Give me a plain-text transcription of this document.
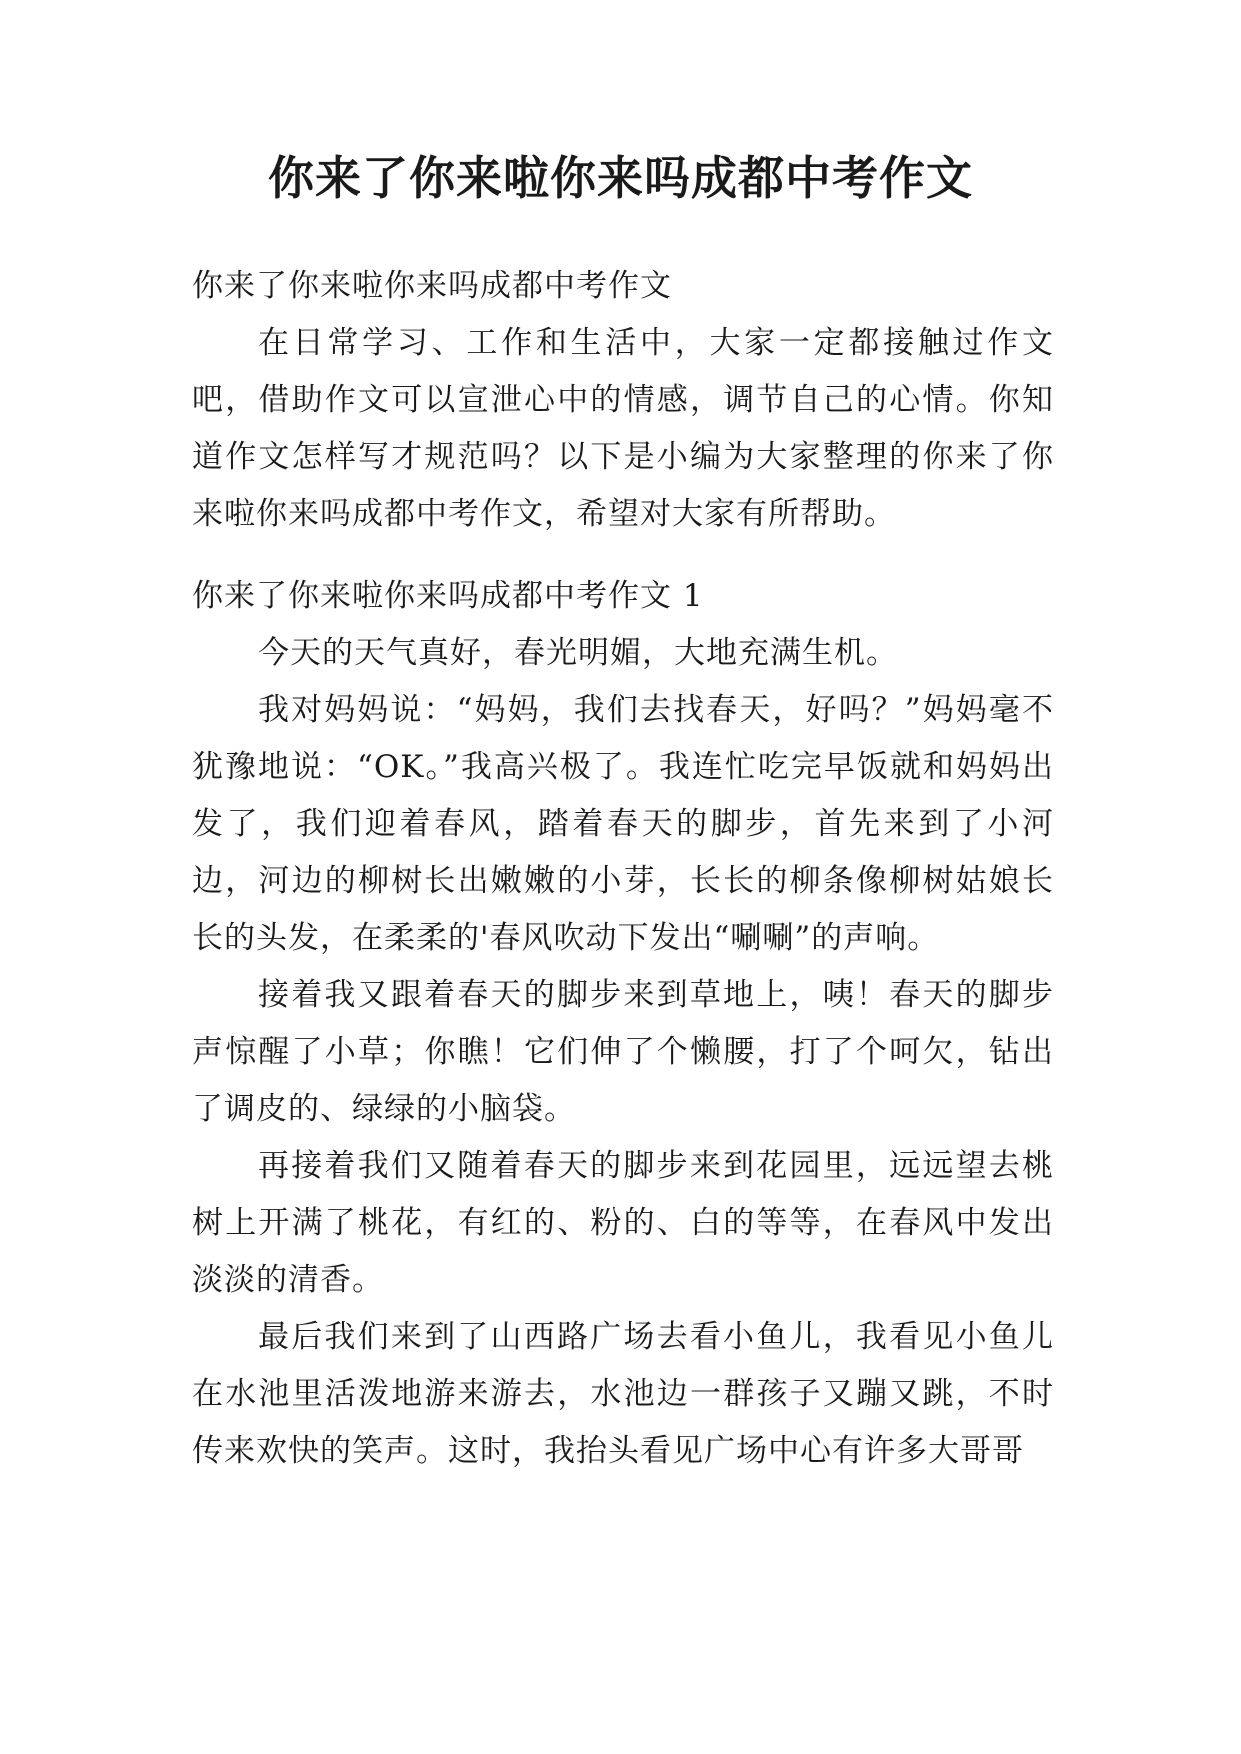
你来了你来啦你来吗成都中考作文

你来了你来啦你来吗成都中考作文

在日常学习、工作和生活中，大家一定都接触过作文吧，借助作文可以宣泄心中的情感，调节自己的心情。你知道作文怎样写才规范吗？以下是小编为大家整理的你来了你来啦你来吗成都中考作文，希望对大家有所帮助。

你来了你来啦你来吗成都中考作文 1

今天的天气真好，春光明媚，大地充满生机。

我对妈妈说：“妈妈，我们去找春天，好吗？”妈妈毫不犹豫地说：“OK。”我高兴极了。我连忙吃完早饭就和妈妈出发了，我们迎着春风，踏着春天的脚步，首先来到了小河边，河边的柳树长出嫩嫩的小芽，长长的柳条像柳树姑娘长长的头发，在柔柔的'春风吹动下发出“唰唰”的声响。

接着我又跟着春天的脚步来到草地上，咦！春天的脚步声惊醒了小草；你瞧！它们伸了个懒腰，打了个呵欠，钻出了调皮的、绿绿的小脑袋。

再接着我们又随着春天的脚步来到花园里，远远望去桃树上开满了桃花，有红的、粉的、白的等等，在春风中发出淡淡的清香。

最后我们来到了山西路广场去看小鱼儿，我看见小鱼儿在水池里活泼地游来游去，水池边一群孩子又蹦又跳，不时传来欢快的笑声。这时，我抬头看见广场中心有许多大哥哥
